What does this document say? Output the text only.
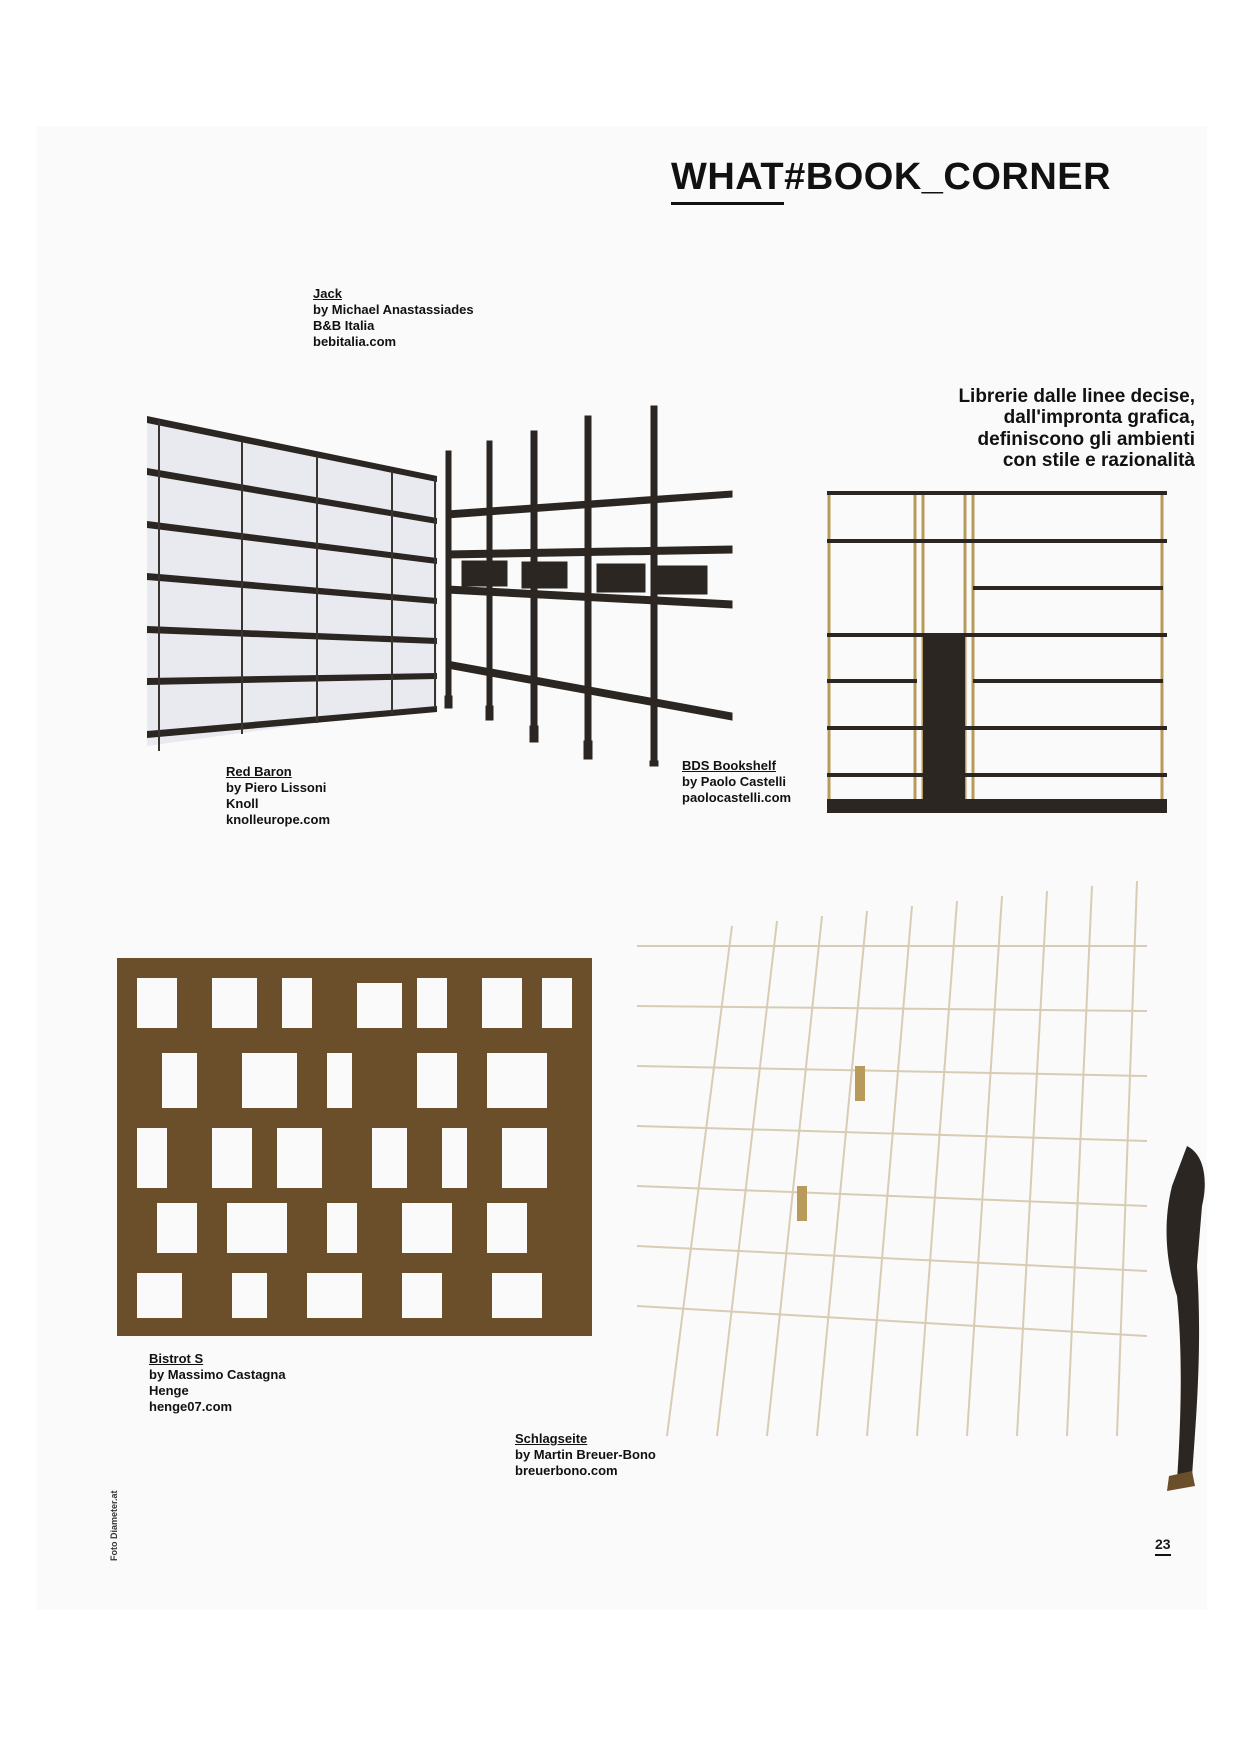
WHAT#BOOK_CORNER
Librerie dalle linee decise,
dall'impronta grafica,
definiscono gli ambienti
con stile e razionalità
Jack
by Michael Anastassiades
B&B Italia
bebitalia.com
Red Baron
by Piero Lissoni
Knoll
knolleurope.com
BDS Bookshelf
by Paolo Castelli
paolocastelli.com
Bistrot S
by Massimo Castagna
Henge
henge07.com
Schlagseite
by Martin Breuer-Bono
breuerbono.com
Foto Diameter.at	23
